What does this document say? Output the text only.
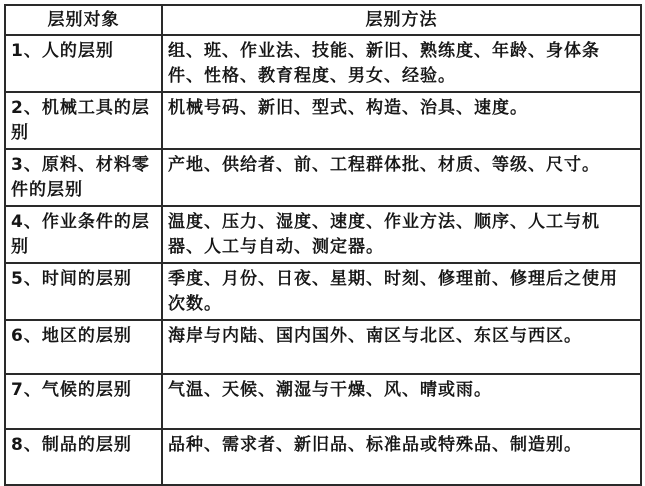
层别对象	层别方法

1、人的层别	组、班、作业法、技能、新旧、熟练度、年龄、身体条件、性格、教育程度、男女、经验。

2、机械工具的层别	机械号码、新旧、型式、构造、治具、速度。

3、原料、材料零件的层别	产地、供给者、前、工程群体批、材质、等级、尺寸。

4、作业条件的层别	温度、压力、湿度、速度、作业方法、顺序、人工与机器、人工与自动、测定器。

5、时间的层别	季度、月份、日夜、星期、时刻、修理前、修理后之使用次数。

6、地区的层别	海岸与内陆、国内国外、南区与北区、东区与西区。

7、气候的层别	气温、天候、潮湿与干燥、风、晴或雨。

8、制品的层别	品种、需求者、新旧品、标准品或特殊品、制造别。
